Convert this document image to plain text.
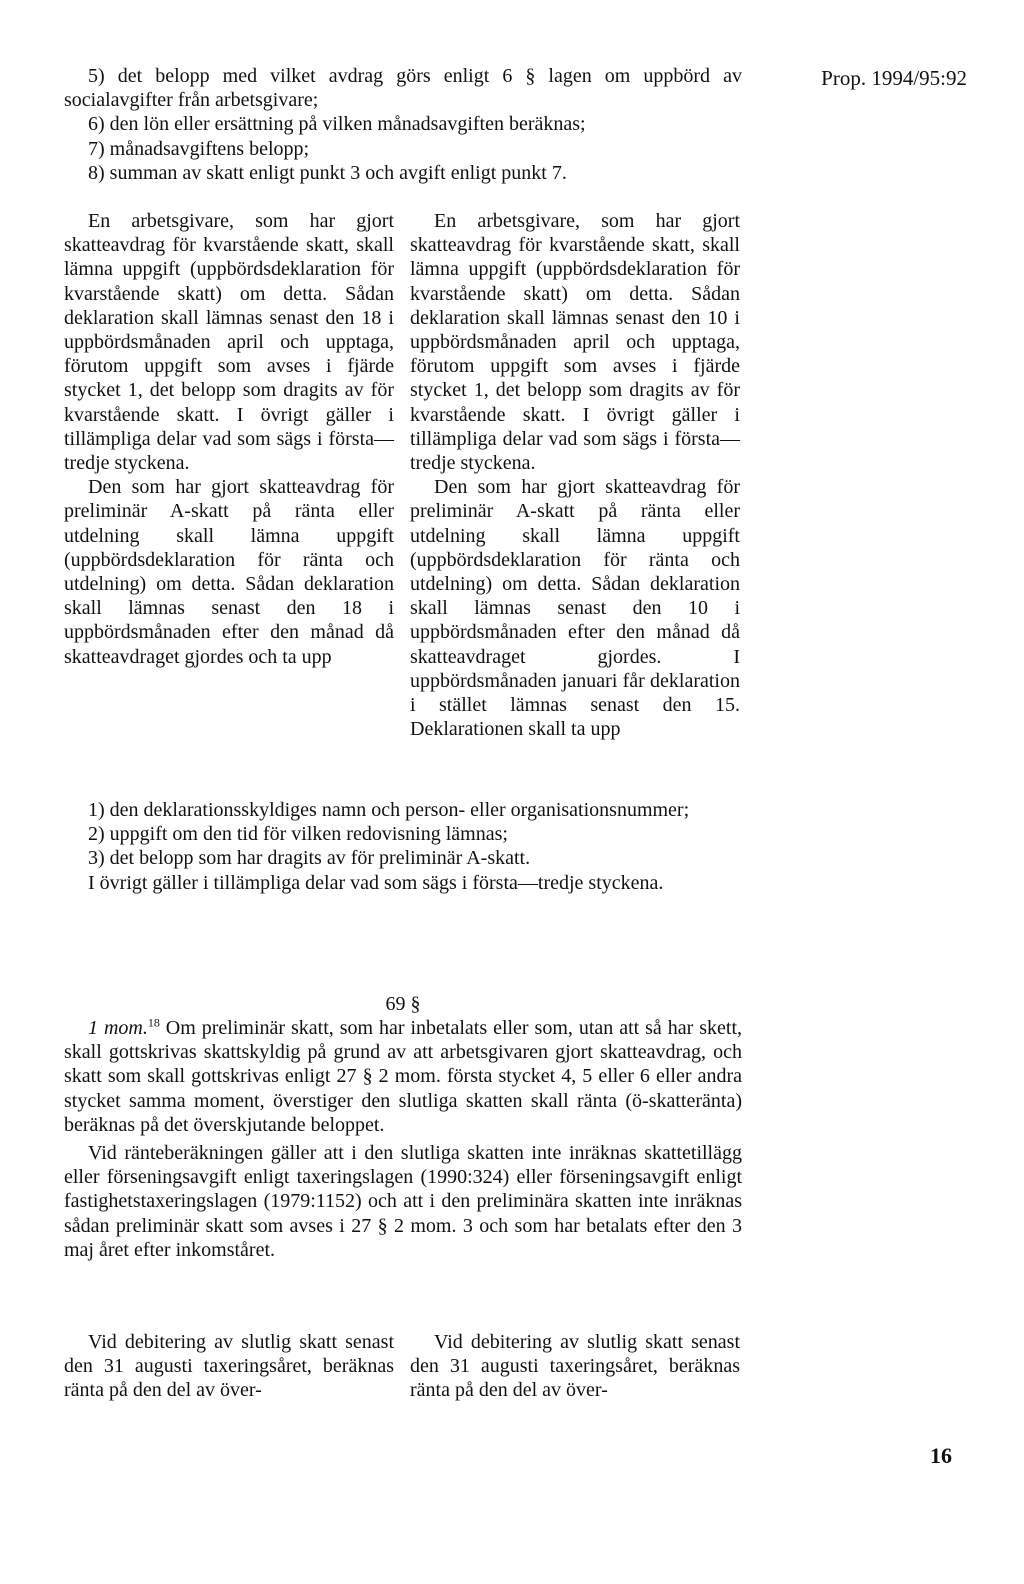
Prop. 1994/95:92

5) det belopp med vilket avdrag görs enligt 6 § lagen om uppbörd av socialavgifter från arbetsgivare;

6) den lön eller ersättning på vilken månadsavgiften beräknas;

7) månadsavgiftens belopp;

8) summan av skatt enligt punkt 3 och avgift enligt punkt 7.

En arbetsgivare, som har gjort skatteavdrag för kvarstående skatt, skall lämna uppgift (uppbördsdeklaration för kvarstående skatt) om detta. Sådan deklaration skall lämnas senast den 18 i uppbördsmånaden april och upptaga, förutom uppgift som avses i fjärde stycket 1, det belopp som dragits av för kvarstående skatt. I övrigt gäller i tillämpliga delar vad som sägs i första—tredje styckena.

Den som har gjort skatteavdrag för preliminär A-skatt på ränta eller utdelning skall lämna uppgift (uppbördsdeklaration för ränta och utdelning) om detta. Sådan deklaration skall lämnas senast den 18 i uppbördsmånaden efter den månad då skatteavdraget gjordes och ta upp

En arbetsgivare, som har gjort skatteavdrag för kvarstående skatt, skall lämna uppgift (uppbördsdeklaration för kvarstående skatt) om detta. Sådan deklaration skall lämnas senast den 10 i uppbördsmånaden april och upptaga, förutom uppgift som avses i fjärde stycket 1, det belopp som dragits av för kvarstående skatt. I övrigt gäller i tillämpliga delar vad som sägs i första—tredje styckena.

Den som har gjort skatteavdrag för preliminär A-skatt på ränta eller utdelning skall lämna uppgift (uppbördsdeklaration för ränta och utdelning) om detta. Sådan deklaration skall lämnas senast den 10 i uppbördsmånaden efter den månad då skatteavdraget gjordes. I uppbördsmånaden januari får deklaration i stället lämnas senast den 15. Deklarationen skall ta upp

1) den deklarationsskyldiges namn och person- eller organisationsnummer;

2) uppgift om den tid för vilken redovisning lämnas;

3) det belopp som har dragits av för preliminär A-skatt.

I övrigt gäller i tillämpliga delar vad som sägs i första—tredje styckena.

69 §

1 mom.$^{18}$ Om preliminär skatt, som har inbetalats eller som, utan att så har skett, skall gottskrivas skattskyldig på grund av att arbetsgivaren gjort skatteavdrag, och skatt som skall gottskrivas enligt 27 § 2 mom. första stycket 4, 5 eller 6 eller andra stycket samma moment, överstiger den slutliga skatten skall ränta (ö-skatteränta) beräknas på det överskjutande beloppet.

Vid ränteberäkningen gäller att i den slutliga skatten inte inräknas skattetillägg eller förseningsavgift enligt taxeringslagen (1990:324) eller förseningsavgift enligt fastighetstaxeringslagen (1979:1152) och att i den preliminära skatten inte inräknas sådan preliminär skatt som avses i 27 § 2 mom. 3 och som har betalats efter den 3 maj året efter inkomståret.

Vid debitering av slutlig skatt senast den 31 augusti taxeringsåret, beräknas ränta på den del av över-

Vid debitering av slutlig skatt senast den 31 augusti taxeringsåret, beräknas ränta på den del av över-

16
